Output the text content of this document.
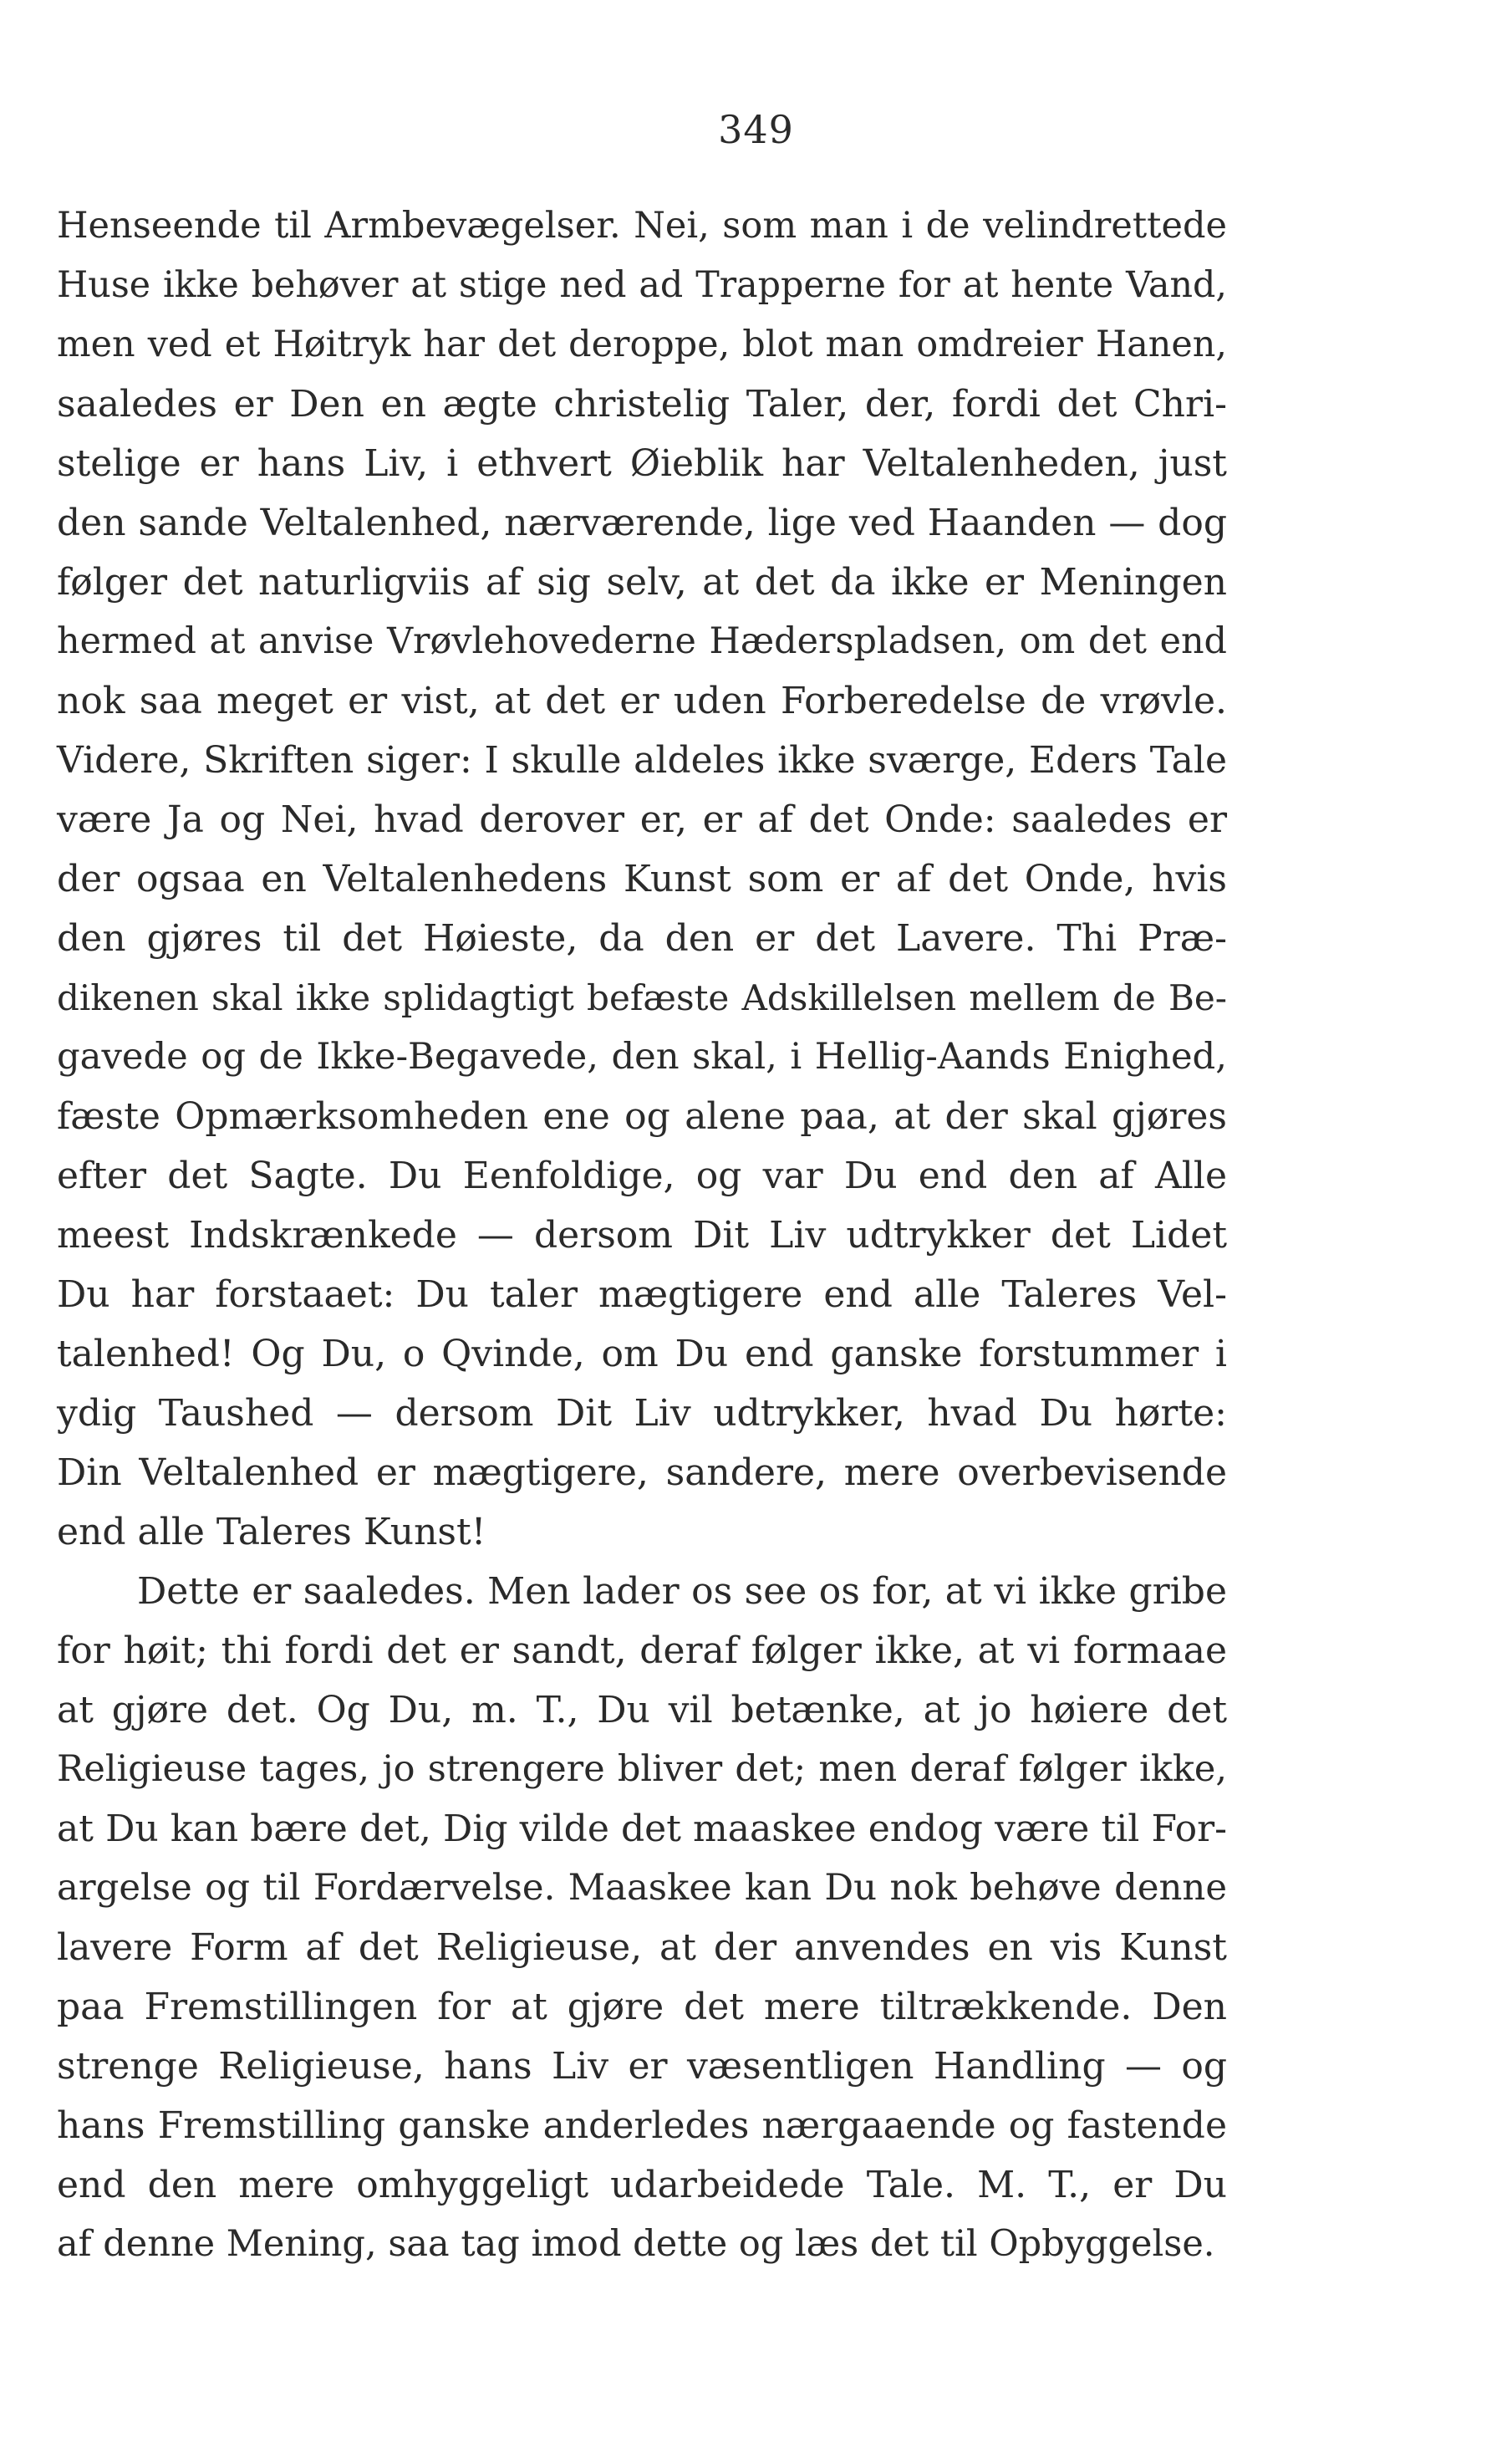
349
Henseende til Armbevægelser. Nei, som man i de velindrettede
Huse ikke behøver at stige ned ad Trapperne for at hente Vand,
men ved et Høitryk har det deroppe, blot man omdreier Hanen,
saaledes er Den en ægte christelig Taler, der, fordi det Chri-
stelige er hans Liv, i ethvert Øieblik har Veltalenheden, just
den sande Veltalenhed, nærværende, lige ved Haanden — dog
følger det naturligviis af sig selv, at det da ikke er Meningen
hermed at anvise Vrøvlehovederne Hæderspladsen, om det end
nok saa meget er vist, at det er uden Forberedelse de vrøvle.
Videre, Skriften siger: I skulle aldeles ikke sværge, Eders Tale
være Ja og Nei, hvad derover er, er af det Onde: saaledes er
der ogsaa en Veltalenhedens Kunst som er af det Onde, hvis
den gjøres til det Høieste, da den er det Lavere. Thi Præ-
dikenen skal ikke splidagtigt befæste Adskillelsen mellem de Be-
gavede og de Ikke-Begavede, den skal, i Hellig-Aands Enighed,
fæste Opmærksomheden ene og alene paa, at der skal gjøres
efter det Sagte. Du Eenfoldige, og var Du end den af Alle
meest Indskrænkede — dersom Dit Liv udtrykker det Lidet
Du har forstaaet: Du taler mægtigere end alle Taleres Vel-
talenhed! Og Du, o Qvinde, om Du end ganske forstummer i
ydig Taushed — dersom Dit Liv udtrykker, hvad Du hørte:
Din Veltalenhed er mægtigere, sandere, mere overbevisende
end alle Taleres Kunst!
Dette er saaledes. Men lader os see os for, at vi ikke gribe
for høit; thi fordi det er sandt, deraf følger ikke, at vi formaae
at gjøre det. Og Du, m. T., Du vil betænke, at jo høiere det
Religieuse tages, jo strengere bliver det; men deraf følger ikke,
at Du kan bære det, Dig vilde det maaskee endog være til For-
argelse og til Fordærvelse. Maaskee kan Du nok behøve denne
lavere Form af det Religieuse, at der anvendes en vis Kunst
paa Fremstillingen for at gjøre det mere tiltrækkende. Den
strenge Religieuse, hans Liv er væsentligen Handling — og
hans Fremstilling ganske anderledes nærgaaende og fastende
end den mere omhyggeligt udarbeidede Tale. M. T., er Du
af denne Mening, saa tag imod dette og læs det til Opbyggelse.
